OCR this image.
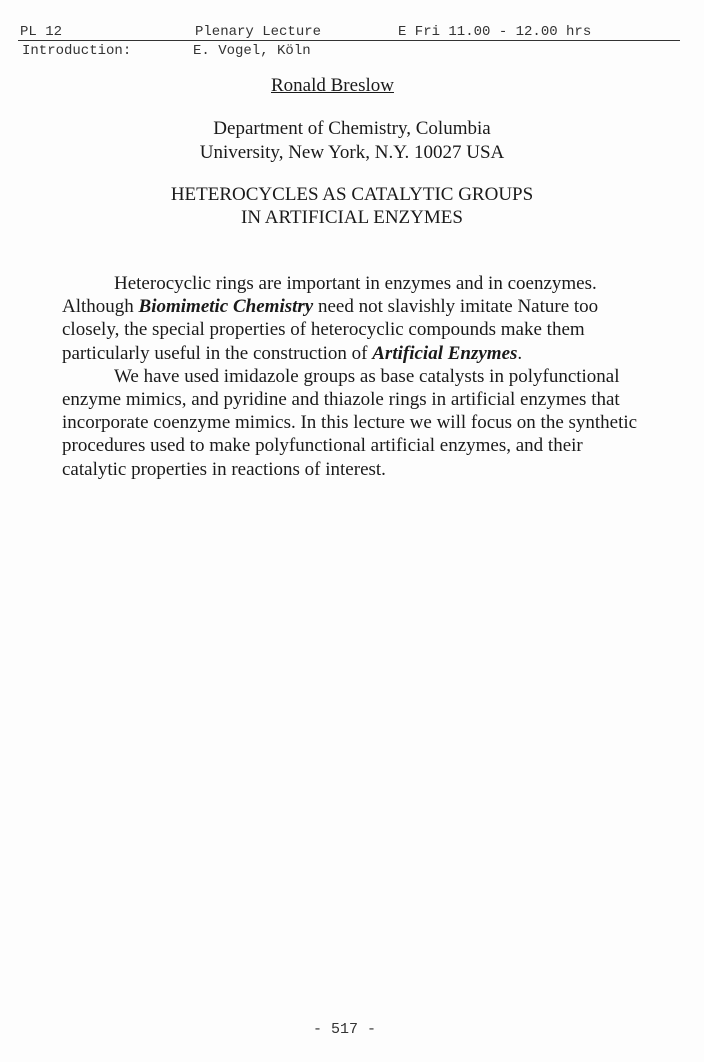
PL 12	Plenary Lecture	E Fri 11.00 - 12.00 hrs
Introduction:	E. Vogel, Köln
Ronald Breslow
Department of Chemistry, Columbia
University, New York, N.Y. 10027 USA
HETEROCYCLES AS CATALYTIC GROUPS
IN ARTIFICIAL ENZYMES

Heterocyclic rings are important in enzymes and in coenzymes. Although Biomimetic Chemistry need not slavishly imitate Nature too closely, the special properties of heterocyclic compounds make them particularly useful in the construction of Artificial Enzymes.

We have used imidazole groups as base catalysts in polyfunctional enzyme mimics, and pyridine and thiazole rings in artificial enzymes that incorporate coenzyme mimics. In this lecture we will focus on the synthetic procedures used to make polyfunctional artificial enzymes, and their catalytic properties in reactions of interest.

- 517 -
